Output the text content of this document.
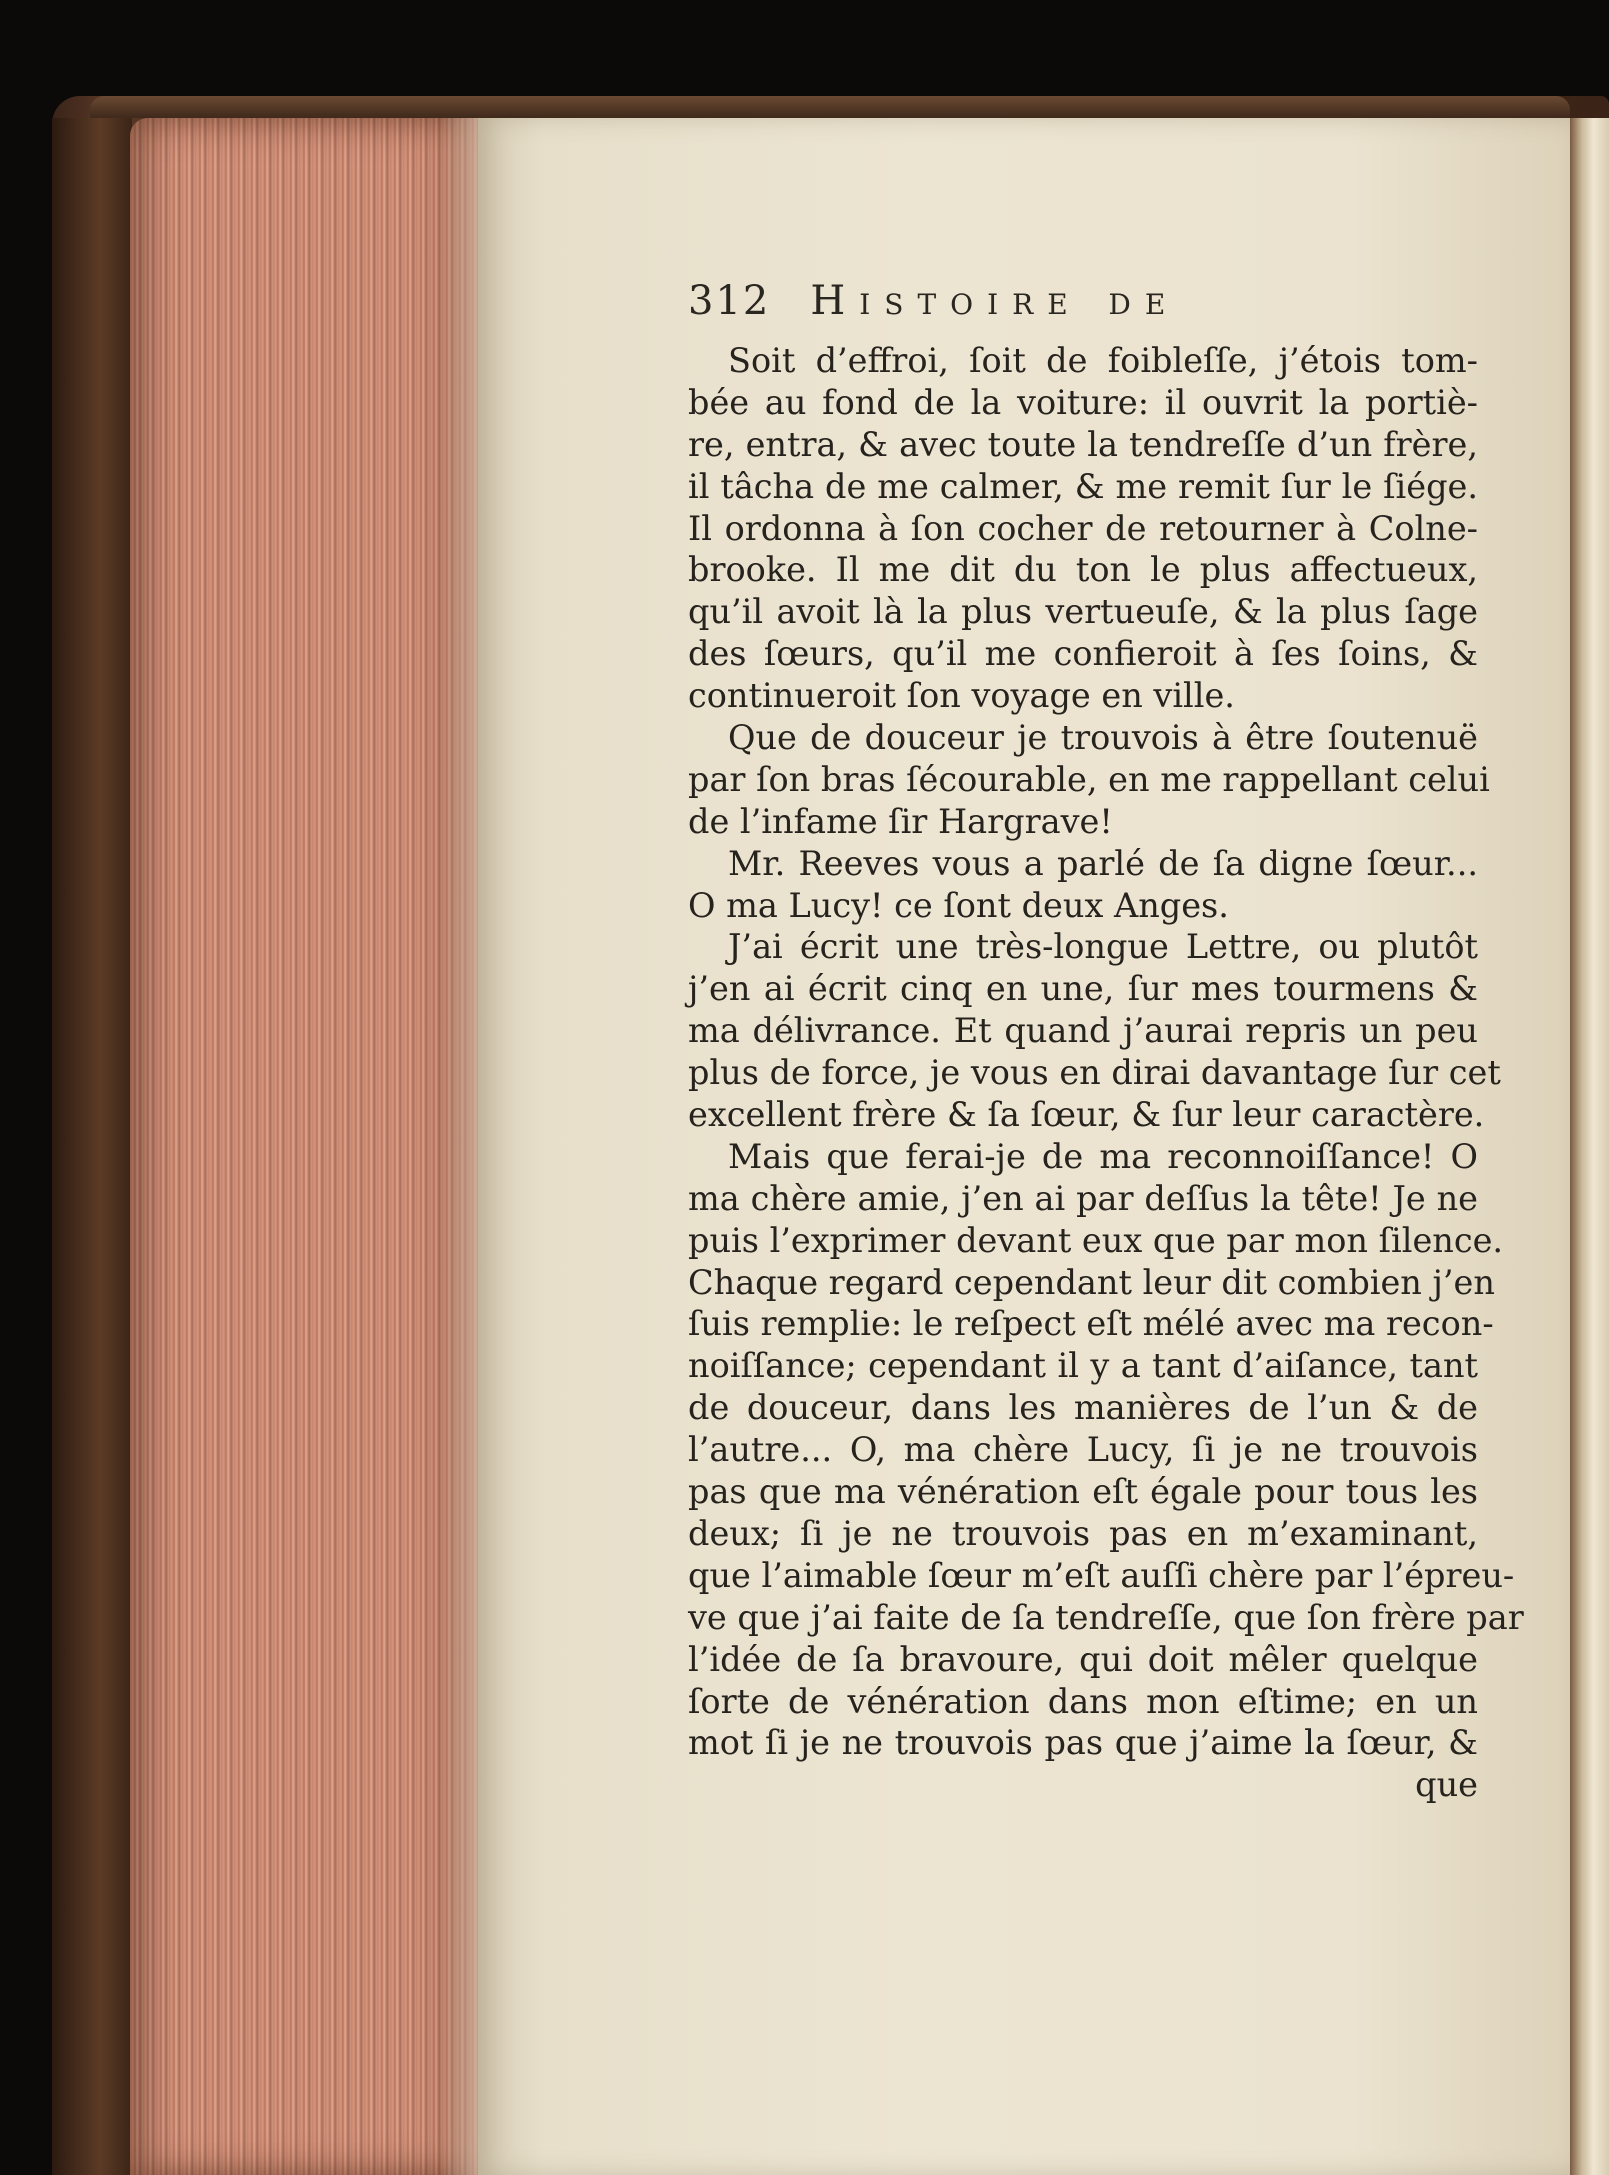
312 Histoire de
Soit d’effroi, ſoit de foibleſſe, j’étois tom-
bée au fond de la voiture: il ouvrit la portiè-
re, entra, & avec toute la tendreſſe d’un frère,
il tâcha de me calmer, & me remit ſur le ſiége.
Il ordonna à ſon cocher de retourner à Colne-
brooke. Il me dit du ton le plus affectueux,
qu’il avoit là la plus vertueuſe, & la plus ſage
des ſœurs, qu’il me confieroit à ſes ſoins, &
continueroit ſon voyage en ville.
Que de douceur je trouvois à être ſoutenuë
par ſon bras ſécourable, en me rappellant celui
de l’infame ſir Hargrave!
Mr. Reeves vous a parlé de ſa digne ſœur...
O ma Lucy! ce ſont deux Anges.
J’ai écrit une très-longue Lettre, ou plutôt
j’en ai écrit cinq en une, ſur mes tourmens &
ma délivrance. Et quand j’aurai repris un peu
plus de force, je vous en dirai davantage ſur cet
excellent frère & ſa ſœur, & ſur leur caractère.
Mais que ferai-je de ma reconnoiſſance! O
ma chère amie, j’en ai par deſſus la tête! Je ne
puis l’exprimer devant eux que par mon ſilence.
Chaque regard cependant leur dit combien j’en
ſuis remplie: le reſpect eſt mélé avec ma recon-
noiſſance; cependant il y a tant d’aiſance, tant
de douceur, dans les manières de l’un & de
l’autre... O, ma chère Lucy, ſi je ne trouvois
pas que ma vénération eſt égale pour tous les
deux; ſi je ne trouvois pas en m’examinant,
que l’aimable ſœur m’eſt auſſi chère par l’épreu-
ve que j’ai faite de ſa tendreſſe, que ſon frère par
l’idée de ſa bravoure, qui doit mêler quelque
ſorte de vénération dans mon eſtime; en un
mot ſi je ne trouvois pas que j’aime la ſœur, &
que
